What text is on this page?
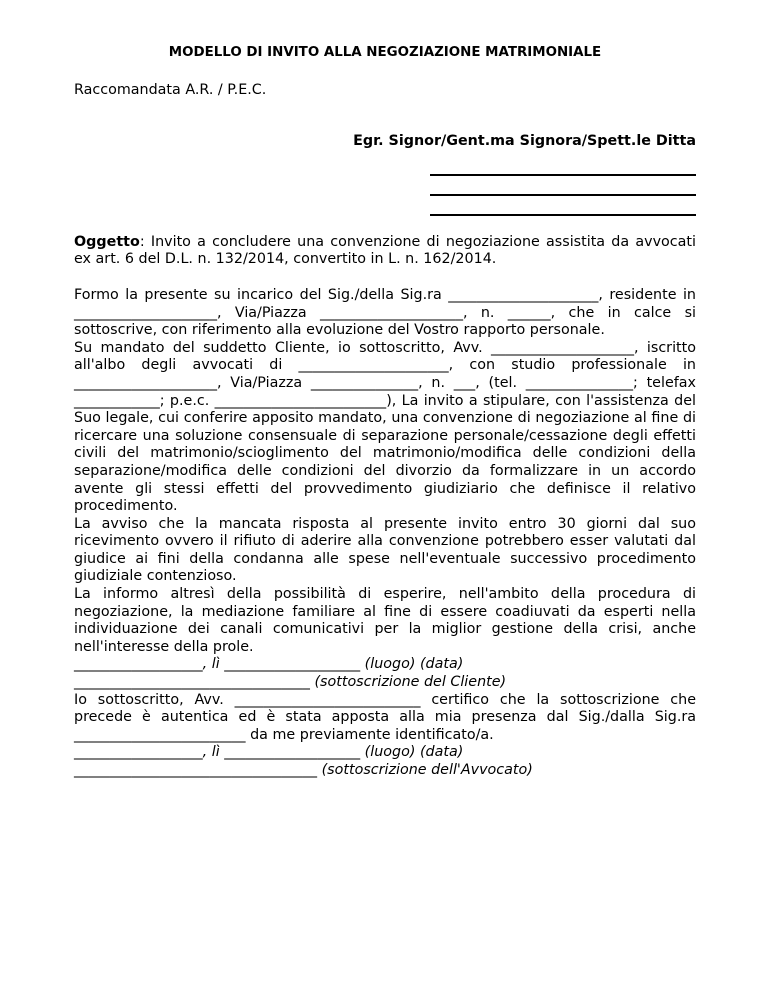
MODELLO DI INVITO ALLA NEGOZIAZIONE MATRIMONIALE

Raccomandata A.R. / P.E.C.

Egr. Signor/Gent.ma Signora/Spett.le Ditta

Oggetto: Invito a concludere una convenzione di negoziazione assistita da avvocati ex art. 6 del D.L. n. 132/2014, convertito in L. n. 162/2014.

Formo la presente su incarico del Sig./della Sig.ra _____________________, residente in ____________________, Via/Piazza ____________________, n. ______, che in calce si sottoscrive, con riferimento alla evoluzione del Vostro rapporto personale.

Su mandato del suddetto Cliente, io sottoscritto, Avv. ____________________, iscritto all'albo degli avvocati di _____________________, con studio professionale in ____________________, Via/Piazza _______________, n. ___, (tel. _______________; telefax ____________; p.e.c. ________________________), La invito a stipulare, con l'assistenza del Suo legale, cui conferire apposito mandato, una convenzione di negoziazione al fine di ricercare una soluzione consensuale di separazione personale/cessazione degli effetti civili del matrimonio/scioglimento del matrimonio/modifica delle condizioni della separazione/modifica delle condizioni del divorzio da formalizzare in un accordo avente gli stessi effetti del provvedimento giudiziario che definisce il relativo procedimento.

La avviso che la mancata risposta al presente invito entro 30 giorni dal suo ricevimento ovvero il rifiuto di aderire alla convenzione potrebbero esser valutati dal giudice ai fini della condanna alle spese nell'eventuale successivo procedimento giudiziale contenzioso.

La informo altresì della possibilità di esperire, nell'ambito della procedura di negoziazione, la mediazione familiare al fine di essere coadiuvati da esperti nella individuazione dei canali comunicativi per la miglior gestione della crisi, anche nell'interesse della prole.

__________________, lì ___________________ (luogo) (data)

_________________________________ (sottoscrizione del Cliente)

Io sottoscritto, Avv. __________________________ certifico che la sottoscrizione che precede è autentica ed è stata apposta alla mia presenza dal Sig./dalla Sig.ra ________________________ da me previamente identificato/a.

__________________, lì ___________________ (luogo) (data)

__________________________________ (sottoscrizione dell'Avvocato)
